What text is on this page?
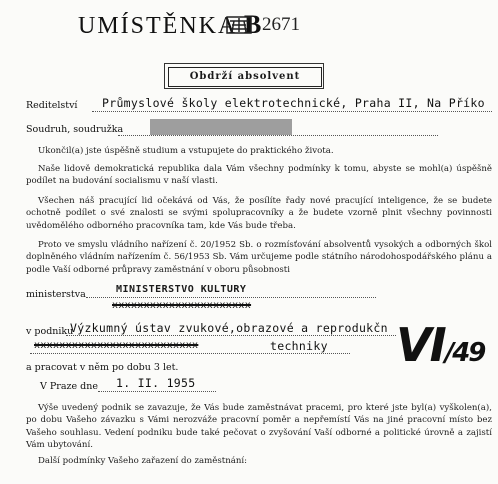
UMÍSTĚNKA B 2671
Obdrží absolvent
Reditelství Průmyslové školy elektrotechnické, Praha II, Na Příko
Soudruh, soudružka
Ukončil(a) jste úspěšně studium a vstupujete do praktického života.
Naše lidově demokratická republika dala Vám všechny podmínky k tomu, abyste se mohl(a) úspěšně podílet na budování socialismu v naší vlasti.
Všechen náš pracující lid očekává od Vás, že posílíte řady nové pracující inteligence, že se budete ochotně podílet o své znalosti se svými spolupracovníky a že budete vzorně plnit všechny povinnosti uvědomělého odborného pracovníka tam, kde Vás bude třeba.
Proto ve smyslu vládního nařízení č. 20/1952 Sb. o rozmísťování absolventů vysokých a odborných škol doplněného vládním nařízením č. 56/1953 Sb. Vám určujeme podle státního národohospodářského plánu a podle Vaší odborné průpravy zaměstnání v oboru působnosti
ministerstva	MINISTERSTVO KULTURY
xxxxxxxxxxxxxxxxxxxxxx
v podniku
Výzkumný ústav zvukové,obrazové a reprodukčn
xxxxxxxxxxxxxxxxxxxxxxxxxx	techniky VI/49
a pracovat v něm po dobu 3 let.
V Praze dne 1. II. 1955
Výše uvedený podnik se zavazuje, že Vás bude zaměstnávat pracemi, pro které jste byl(a) vyškolen(a), po dobu Vašeho závazku s Vámi nerozváže pracovní poměr a nepřemístí Vás na jiné pracovní místo bez Vašeho souhlasu. Vedení podniku bude také pečovat o zvyšování Vaší odborné a politické úrovně a zajistí Vám ubytování.
Další podmínky Vašeho zařazení do zaměstnání:
